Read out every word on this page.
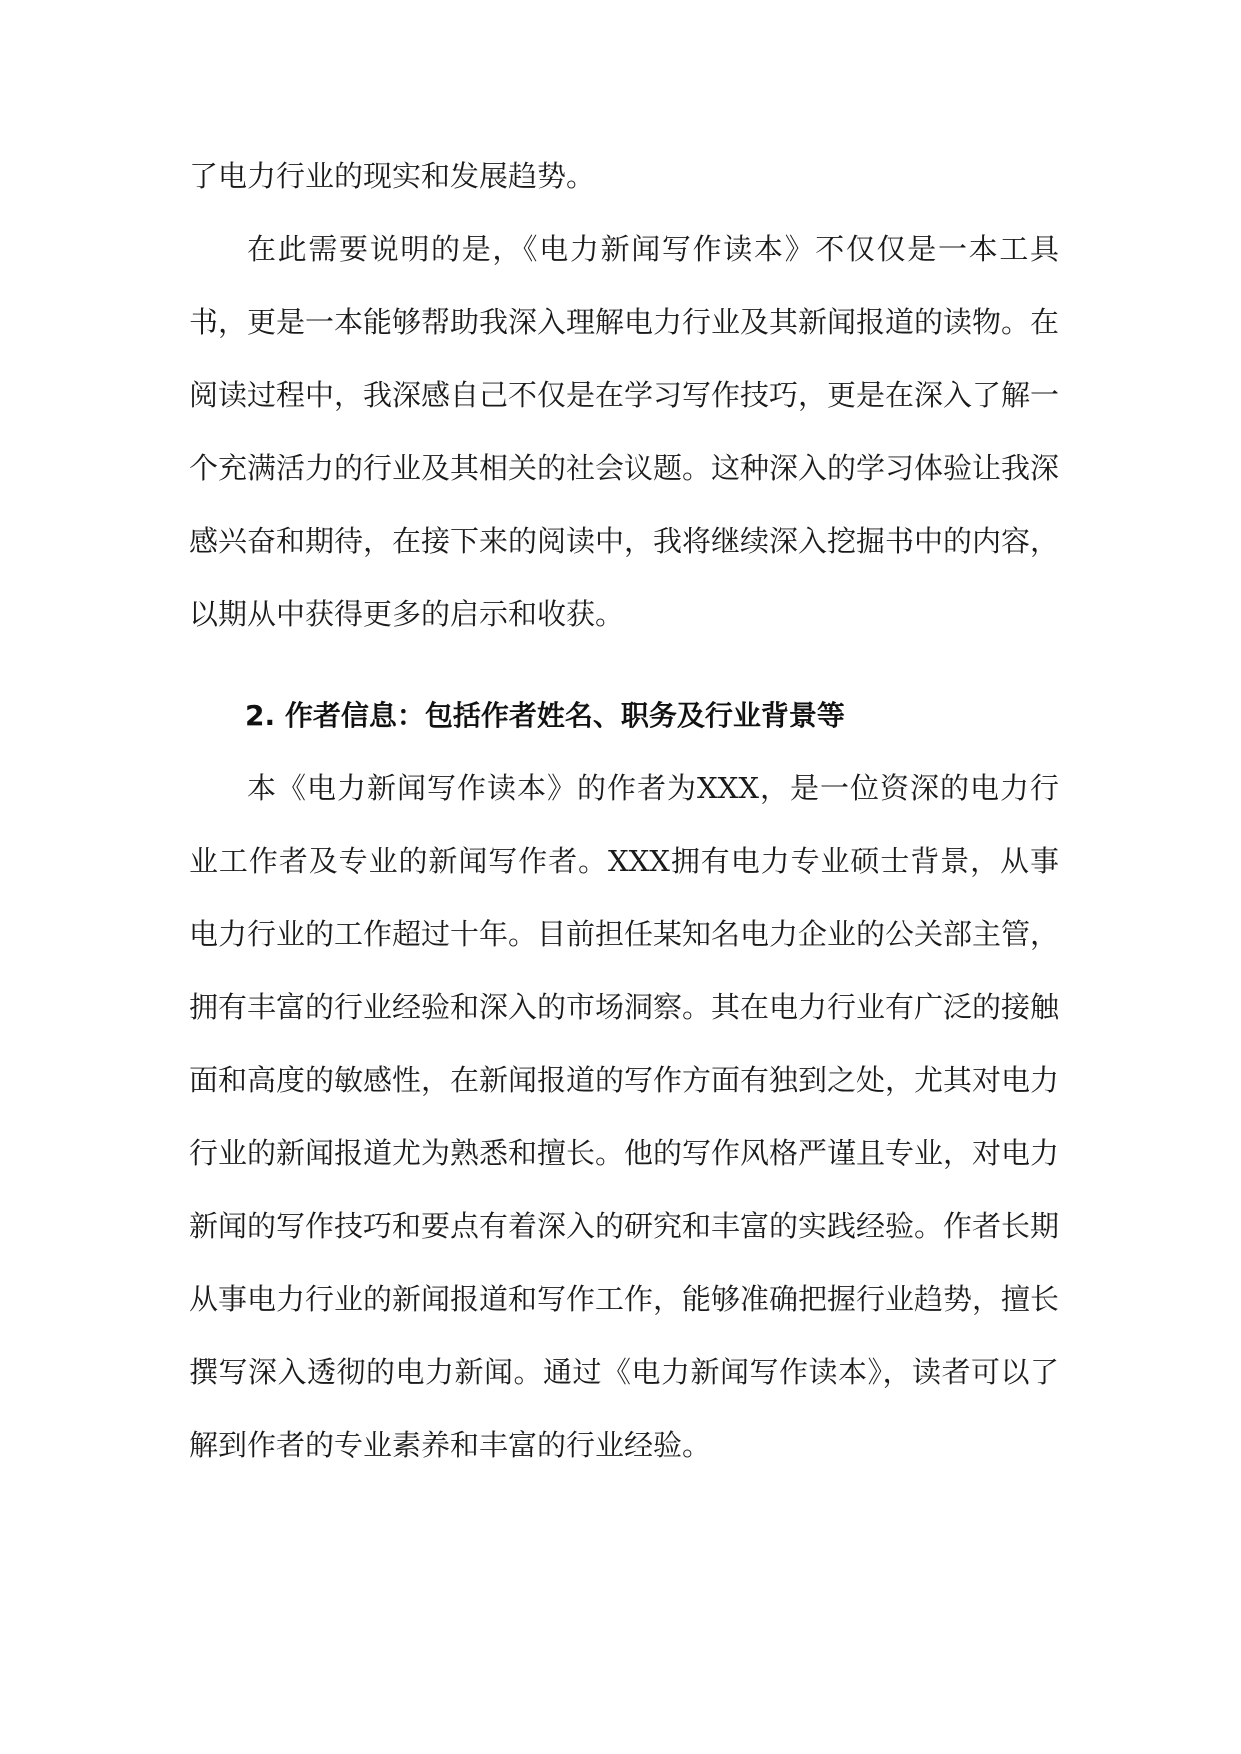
了电力行业的现实和发展趋势。

在此需要说明的是，《电力新闻写作读本》不仅仅是一本工具书，更是一本能够帮助我深入理解电力行业及其新闻报道的读物。在阅读过程中，我深感自己不仅是在学习写作技巧，更是在深入了解一个充满活力的行业及其相关的社会议题。这种深入的学习体验让我深感兴奋和期待，在接下来的阅读中，我将继续深入挖掘书中的内容，以期从中获得更多的启示和收获。

2. 作者信息：包括作者姓名、职务及行业背景等

本《电力新闻写作读本》的作者为XXX，是一位资深的电力行业工作者及专业的新闻写作者。XXX拥有电力专业硕士背景，从事电力行业的工作超过十年。目前担任某知名电力企业的公关部主管，拥有丰富的行业经验和深入的市场洞察。其在电力行业有广泛的接触面和高度的敏感性，在新闻报道的写作方面有独到之处，尤其对电力行业的新闻报道尤为熟悉和擅长。他的写作风格严谨且专业，对电力新闻的写作技巧和要点有着深入的研究和丰富的实践经验。作者长期从事电力行业的新闻报道和写作工作，能够准确把握行业趋势，擅长撰写深入透彻的电力新闻。通过《电力新闻写作读本》，读者可以了解到作者的专业素养和丰富的行业经验。
